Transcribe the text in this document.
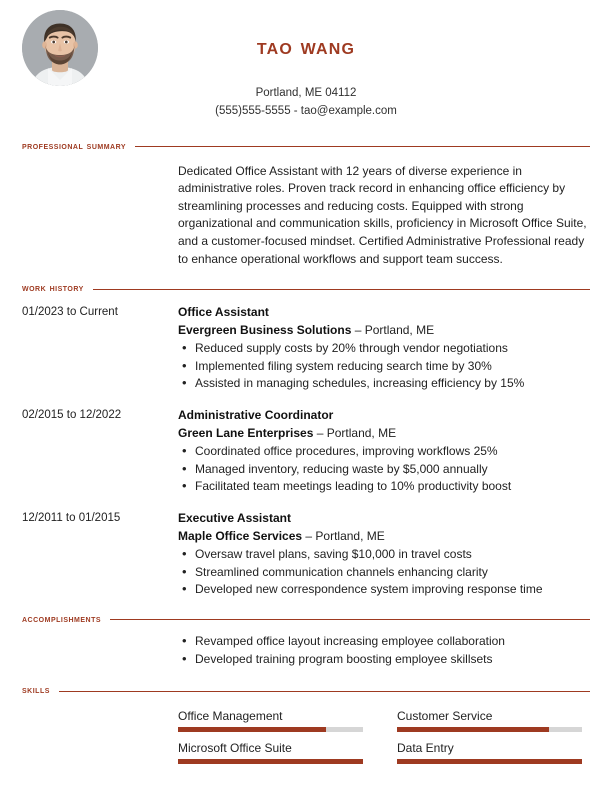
tao wang
Portland, ME 04112
(555)555-5555 - tao@example.com
professional summary
Dedicated Office Assistant with 12 years of diverse experience in administrative roles. Proven track record in enhancing office efficiency by streamlining processes and reducing costs. Equipped with strong organizational and communication skills, proficiency in Microsoft Office Suite, and a customer-focused mindset. Certified Administrative Professional ready to enhance operational workflows and support team success.
work history
01/2023 to Current	Office Assistant
Evergreen Business Solutions – Portland, ME
• Reduced supply costs by 20% through vendor negotiations
• Implemented filing system reducing search time by 30%
• Assisted in managing schedules, increasing efficiency by 15%
02/2015 to 12/2022	Administrative Coordinator
Green Lane Enterprises – Portland, ME
• Coordinated office procedures, improving workflows 25%
• Managed inventory, reducing waste by $5,000 annually
• Facilitated team meetings leading to 10% productivity boost
12/2011 to 01/2015	Executive Assistant
Maple Office Services – Portland, ME
• Oversaw travel plans, saving $10,000 in travel costs
• Streamlined communication channels enhancing clarity
• Developed new correspondence system improving response time
accomplishments
• Revamped office layout increasing employee collaboration
• Developed training program boosting employee skillsets
skills
Office Management	Customer Service
Microsoft Office Suite	Data Entry
